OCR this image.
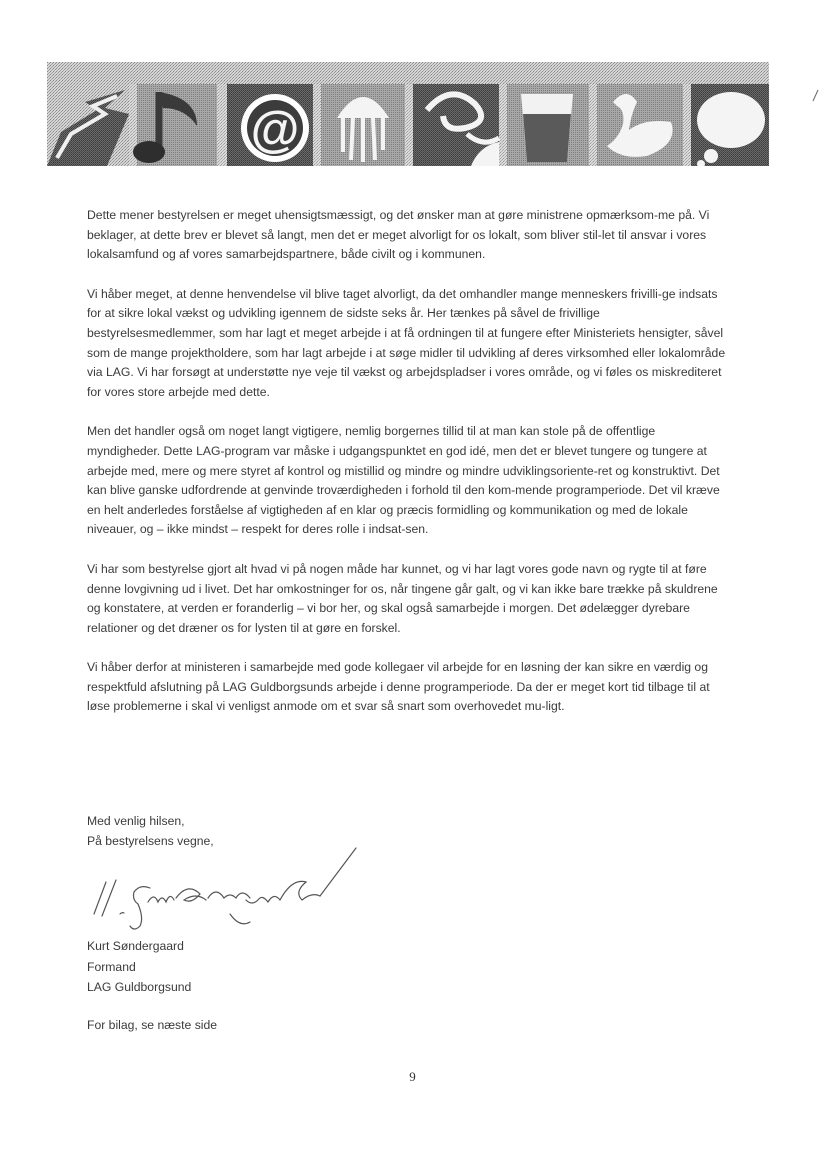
@

Dette mener bestyrelsen er meget uhensigtsmæssigt, og det ønsker man at gøre ministrene opmærksom-me på. Vi beklager, at dette brev er blevet så langt, men det er meget alvorligt for os lokalt, som bliver stil-let til ansvar i vores lokalsamfund og af vores samarbejdspartnere, både civilt og i kommunen.

Vi håber meget, at denne henvendelse vil blive taget alvorligt, da det omhandler mange menneskers frivilli-ge indsats for at sikre lokal vækst og udvikling igennem de sidste seks år. Her tænkes på såvel de frivillige bestyrelsesmedlemmer, som har lagt et meget arbejde i at få ordningen til at fungere efter Ministeriets hensigter, såvel som de mange projektholdere, som har lagt arbejde i at søge midler til udvikling af deres virksomhed eller lokalområde via LAG. Vi har forsøgt at understøtte nye veje til vækst og arbejdspladser i vores område, og vi føles os miskrediteret for vores store arbejde med dette.

Men det handler også om noget langt vigtigere, nemlig borgernes tillid til at man kan stole på de offentlige myndigheder. Dette LAG-program var måske i udgangspunktet en god idé, men det er blevet tungere og tungere at arbejde med, mere og mere styret af kontrol og mistillid og mindre og mindre udviklingsorientе-ret og konstruktivt. Det kan blive ganske udfordrende at genvinde troværdigheden i forhold til den kom-mende programperiode. Det vil kræve en helt anderledes forståelse af vigtigheden af en klar og præcis formidling og kommunikation og med de lokale niveauer, og – ikke mindst – respekt for deres rolle i indsat-sen.

Vi har som bestyrelse gjort alt hvad vi på nogen måde har kunnet, og vi har lagt vores gode navn og rygte til at føre denne lovgivning ud i livet. Det har omkostninger for os, når tingene går galt, og vi kan ikke bare trække på skuldrene og konstatere, at verden er foranderlig – vi bor her, og skal også samarbejde i morgen. Det ødelægger dyrebare relationer og det dræner os for lysten til at gøre en forskel.

Vi håber derfor at ministeren i samarbejde med gode kollegaer vil arbejde for en løsning der kan sikre en værdig og respektfuld afslutning på LAG Guldborgsunds arbejde i denne programperiode. Da der er meget kort tid tilbage til at løse problemerne i skal vi venligst anmode om et svar så snart som overhovedet mu-ligt.

Med venlig hilsen,
På bestyrelsens vegne,
Kurt Søndergaard
Formand
LAG Guldborgsund
For bilag, se næste side
9
